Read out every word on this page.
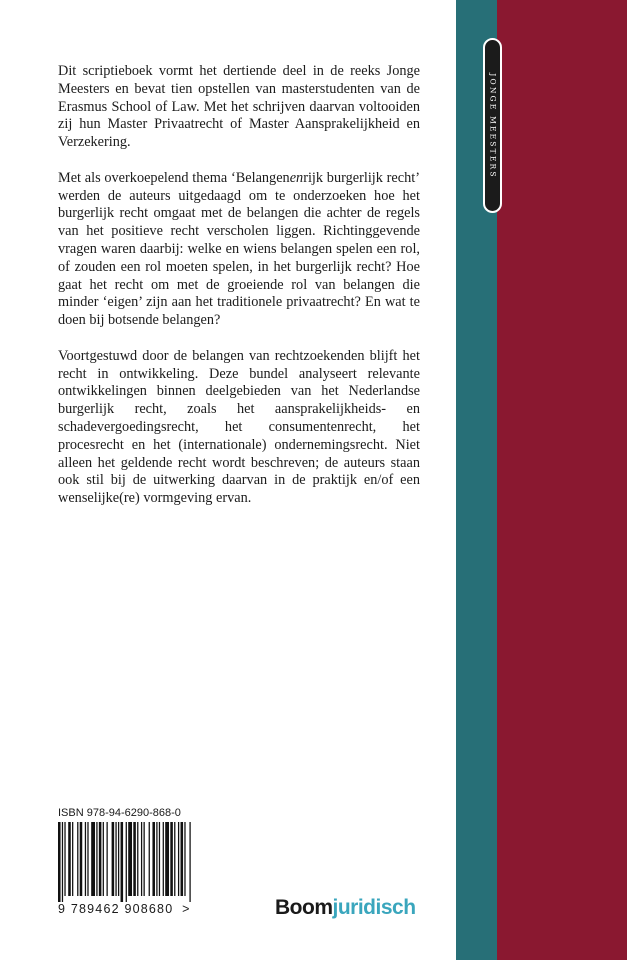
JONGE MEESTERS

Dit scriptieboek vormt het dertiende deel in de reeks Jonge Meesters en bevat tien opstellen van masterstudenten van de Erasmus School of Law. Met het schrijven daarvan voltooiden zij hun Master Privaatrecht of Master Aansprakelijkheid en Verzekering.

Met als overkoepelend thema ‘Belangenenrijk burgerlijk recht’ werden de auteurs uitgedaagd om te onderzoeken hoe het burgerlijk recht omgaat met de belangen die achter de regels van het positieve recht verscholen liggen. Richtinggevende vragen waren daarbij: welke en wiens belangen spelen een rol, of zouden een rol moeten spelen, in het burgerlijk recht? Hoe gaat het recht om met de groeiende rol van belangen die minder ‘eigen’ zijn aan het traditionele privaatrecht? En wat te doen bij botsende belangen?

Voortgestuwd door de belangen van rechtzoekenden blijft het recht in ontwikkeling. Deze bundel analyseert relevante ontwikkelingen binnen deelgebieden van het Nederlandse burgerlijk recht, zoals het aansprakelijkheids- en schadevergoedingsrecht, het consumentenrecht, het procesrecht en het (internationale) ondernemingsrecht. Niet alleen het geldende recht wordt beschreven; de auteurs staan ook stil bij de uitwerking daarvan in de praktijk en/of een wenselijke(re) vormgeving ervan.

ISBN 978-94-6290-868-0
9 789462 908680 >	Boomjuridisch
